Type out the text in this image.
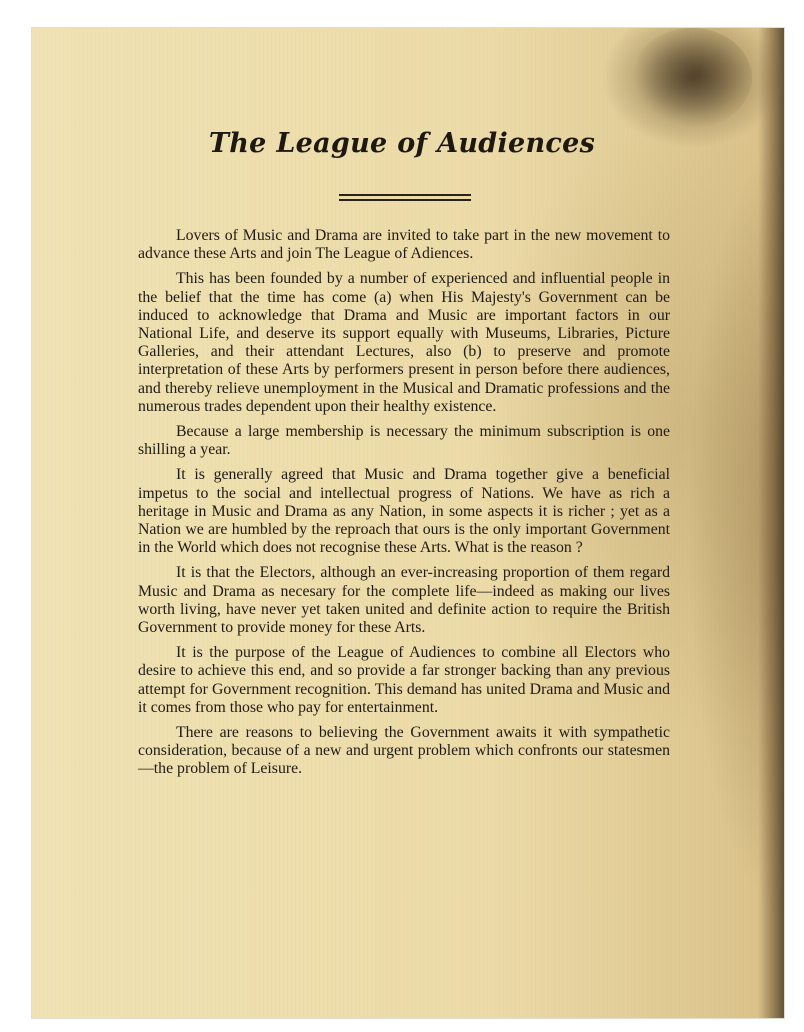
The League of Audiences

Lovers of Music and Drama are invited to take part in the new movement to advance these Arts and join The League of Adiences.

This has been founded by a number of experienced and influential people in the belief that the time has come (a) when His Majesty's Government can be induced to acknowledge that Drama and Music are important factors in our National Life, and deserve its support equally with Museums, Libraries, Picture Galleries, and their attendant Lectures, also (b) to preserve and promote interpretation of these Arts by performers present in person before there audiences, and thereby relieve unemployment in the Musical and Dramatic professions and the numerous trades dependent upon their healthy existence.

Because a large membership is necessary the minimum subscription is one shilling a year.

It is generally agreed that Music and Drama together give a beneficial impetus to the social and intellectual progress of Nations. We have as rich a heritage in Music and Drama as any Nation, in some aspects it is richer ; yet as a Nation we are humbled by the reproach that ours is the only important Government in the World which does not recognise these Arts. What is the reason ?

It is that the Electors, although an ever-increasing proportion of them regard Music and Drama as necesary for the complete life—indeed as making our lives worth living, have never yet taken united and definite action to require the British Government to provide money for these Arts.

It is the purpose of the League of Audiences to combine all Electors who desire to achieve this end, and so provide a far stronger backing than any previous attempt for Government recognition. This demand has united Drama and Music and it comes from those who pay for entertainment.

There are reasons to believing the Government awaits it with sympathetic consideration, because of a new and urgent problem which confronts our statesmen—the problem of Leisure.
